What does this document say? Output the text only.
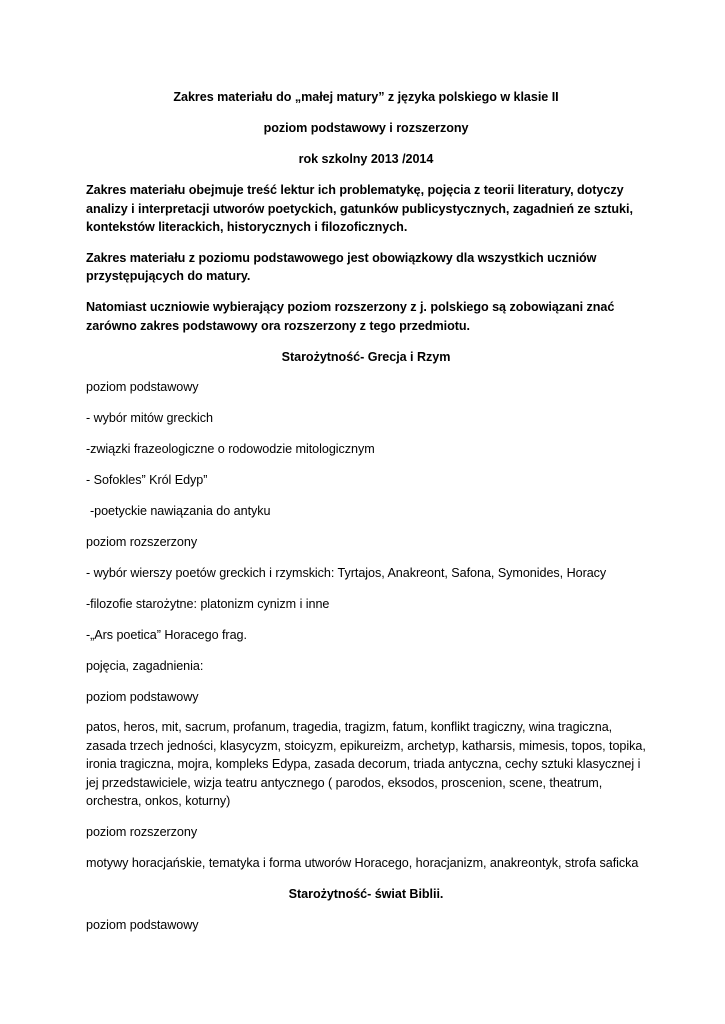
Zakres materiału do „małej matury” z języka polskiego w klasie II

poziom podstawowy i rozszerzony

rok szkolny 2013 /2014

Zakres materiału obejmuje treść lektur ich problematykę, pojęcia z teorii literatury, dotyczy analizy i interpretacji utworów poetyckich, gatunków publicystycznych, zagadnień ze sztuki, kontekstów literackich, historycznych i filozoficznych.

Zakres materiału z poziomu podstawowego jest obowiązkowy dla wszystkich uczniów przystępujących do matury.

Natomiast uczniowie wybierający poziom rozszerzony z j. polskiego są zobowiązani znać zarówno zakres podstawowy ora rozszerzony z tego przedmiotu.

Starożytność- Grecja i Rzym

poziom podstawowy

- wybór mitów greckich

-związki frazeologiczne o rodowodzie mitologicznym

- Sofokles” Król Edyp”

-poetyckie nawiązania do antyku

poziom rozszerzony

- wybór wierszy poetów greckich i rzymskich: Tyrtajos, Anakreont, Safona, Symonides, Horacy

-filozofie starożytne: platonizm cynizm i inne

-„Ars poetica” Horacego frag.

pojęcia, zagadnienia:

poziom podstawowy

patos, heros, mit, sacrum, profanum, tragedia, tragizm, fatum, konflikt tragiczny, wina tragiczna, zasada trzech jedności, klasycyzm, stoicyzm, epikureizm, archetyp, katharsis, mimesis, topos, topika, ironia tragiczna, mojra, kompleks Edypa, zasada decorum, triada antyczna, cechy sztuki klasycznej i jej przedstawiciele, wizja teatru antycznego ( parodos, eksodos, proscenion, scene, theatrum, orchestra, onkos, koturny)

poziom rozszerzony

motywy horacjańskie, tematyka i forma utworów Horacego, horacjanizm, anakreontyk, strofa saficka

Starożytność- świat Biblii.

poziom podstawowy
